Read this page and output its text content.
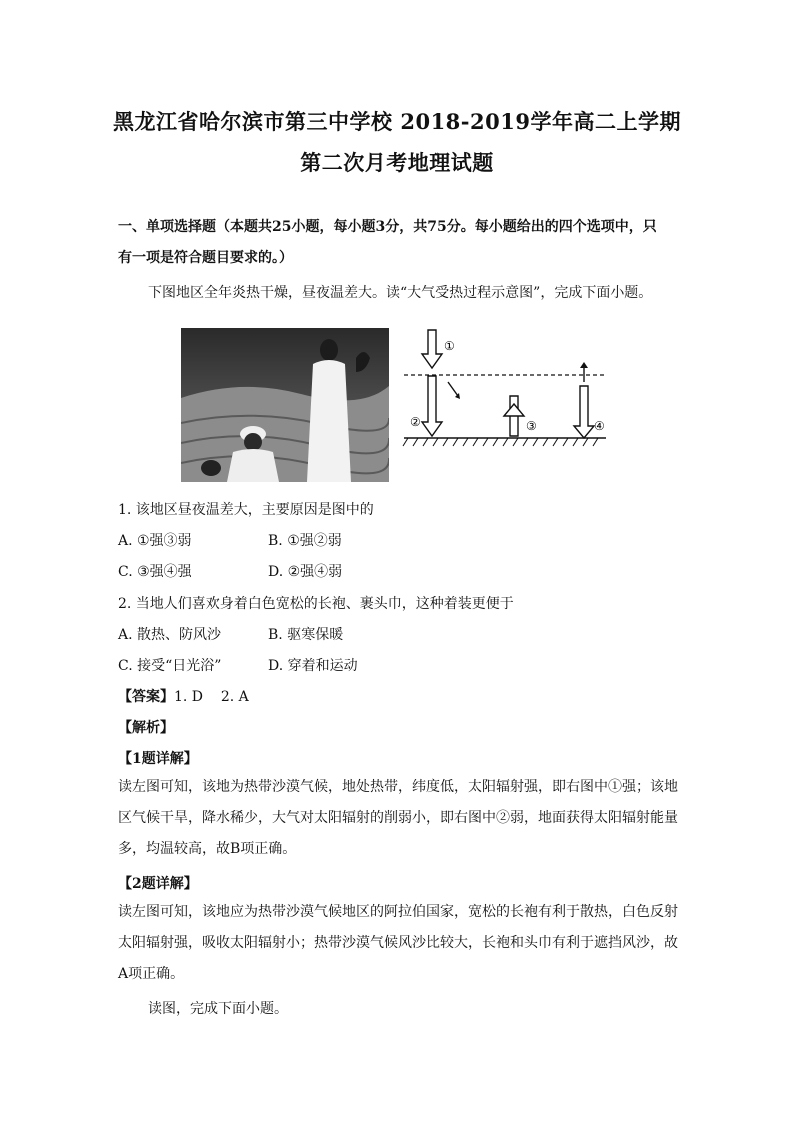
黑龙江省哈尔滨市第三中学校 2018-2019学年高二上学期
第二次月考地理试题
一、单项选择题（本题共25小题，每小题3分，共75分。每小题给出的四个选项中，只
有一项是符合题目要求的。）
下图地区全年炎热干燥，昼夜温差大。读“大气受热过程示意图”，完成下面小题。
①
②	③	④
1. 该地区昼夜温差大，主要原因是图中的
A. ①强③弱	B. ①强②弱
C. ③强④强	D. ②强④弱
2. 当地人们喜欢身着白色宽松的长袍、裹头巾，这种着装更便于
A. 散热、防风沙	B. 驱寒保暖
C. 接受“日光浴”	D. 穿着和运动
【答案】1. D    2. A
【解析】
【1题详解】
读左图可知，该地为热带沙漠气候，地处热带，纬度低，太阳辐射强，即右图中①强；该地区气候干旱，降水稀少，大气对太阳辐射的削弱小，即右图中②弱，地面获得太阳辐射能量多，均温较高，故B项正确。
【2题详解】
读左图可知，该地应为热带沙漠气候地区的阿拉伯国家，宽松的长袍有利于散热，白色反射太阳辐射强，吸收太阳辐射小；热带沙漠气候风沙比较大，长袍和头巾有利于遮挡风沙，故A项正确。
读图，完成下面小题。
